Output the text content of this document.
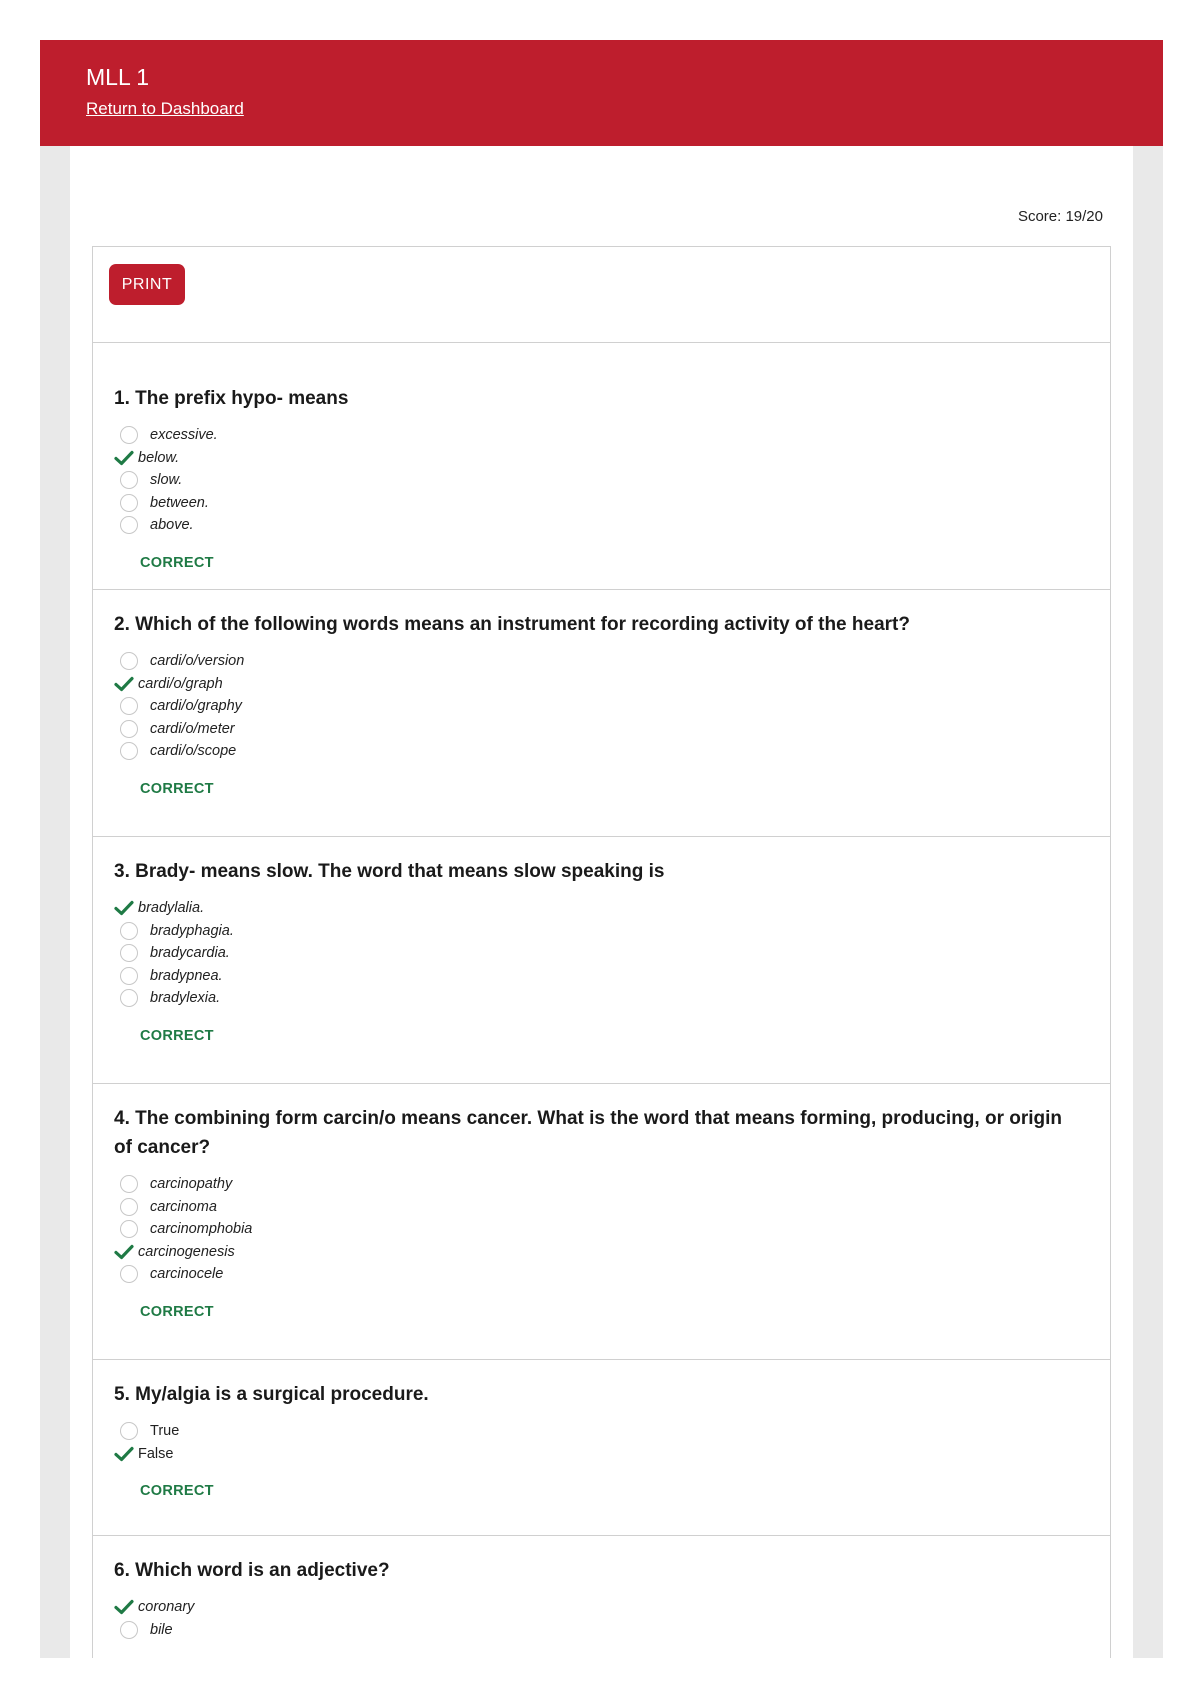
MLL 1
Return to Dashboard
Score: 19/20
PRINT
1. The prefix hypo- means
excessive.
below.
slow.
between.
above.
CORRECT
2. Which of the following words means an instrument for recording activity of the heart?
cardi/o/version
cardi/o/graph
cardi/o/graphy
cardi/o/meter
cardi/o/scope
CORRECT
3. Brady- means slow. The word that means slow speaking is
bradylalia.
bradyphagia.
bradycardia.
bradypnea.
bradylexia.
CORRECT
4. The combining form carcin/o means cancer. What is the word that means forming, producing, or origin of cancer?
carcinopathy
carcinoma
carcinomphobia
carcinogenesis
carcinocele
CORRECT
5. My/algia is a surgical procedure.
True
False
CORRECT
6. Which word is an adjective?
coronary
bile
